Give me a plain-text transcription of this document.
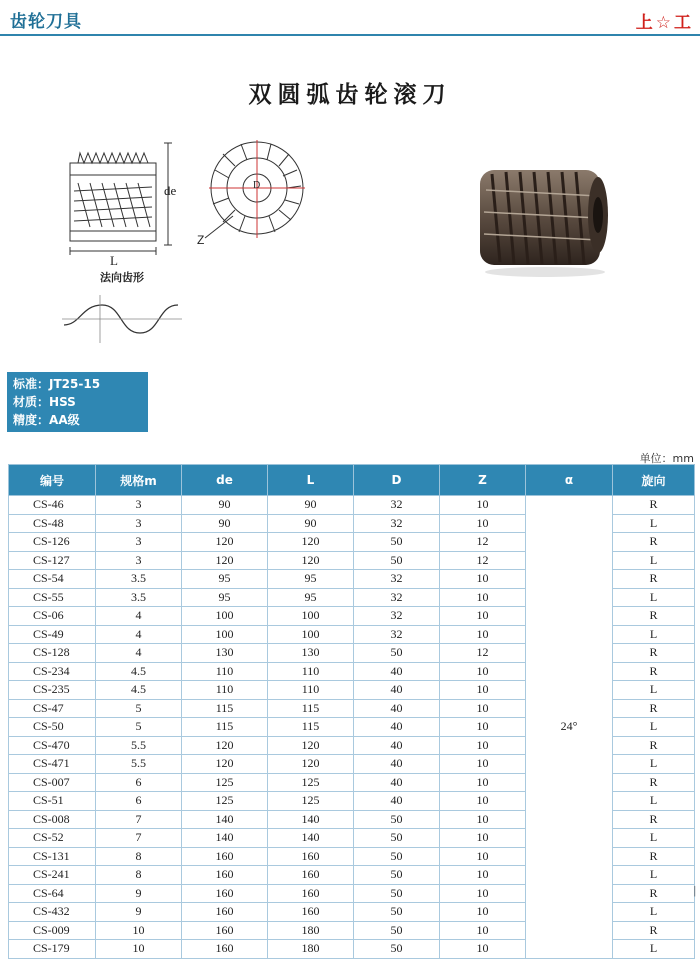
齿轮刀具	上 ☆ 工
双圆弧齿轮滚刀
de
L
法向齿形
D
Z
标准：JT25-15
材质：HSS
精度：AA级
单位：mm
编号	规格m	de	L	D	Z	α	旋向
CS-46	3	90	90	32	10	24°	R
CS-48	3	90	90	32	10		L
CS-126	3	120	120	50	12		R
CS-127	3	120	120	50	12		L
CS-54	3.5	95	95	32	10		R
CS-55	3.5	95	95	32	10		L
CS-06	4	100	100	32	10		R
CS-49	4	100	100	32	10		L
CS-128	4	130	130	50	12		R
CS-234	4.5	110	110	40	10		R
CS-235	4.5	110	110	40	10		L
CS-47	5	115	115	40	10		R
CS-50	5	115	115	40	10		L
CS-470	5.5	120	120	40	10		R
CS-471	5.5	120	120	40	10		L
CS-007	6	125	125	40	10		R
CS-51	6	125	125	40	10		L
CS-008	7	140	140	50	10		R
CS-52	7	140	140	50	10		L
CS-131	8	160	160	50	10		R
CS-241	8	160	160	50	10		L
CS-64	9	160	160	50	10		R
CS-432	9	160	160	50	10		L
CS-009	10	160	180	50	10		R
CS-179	10	160	180	50	10		L
|
